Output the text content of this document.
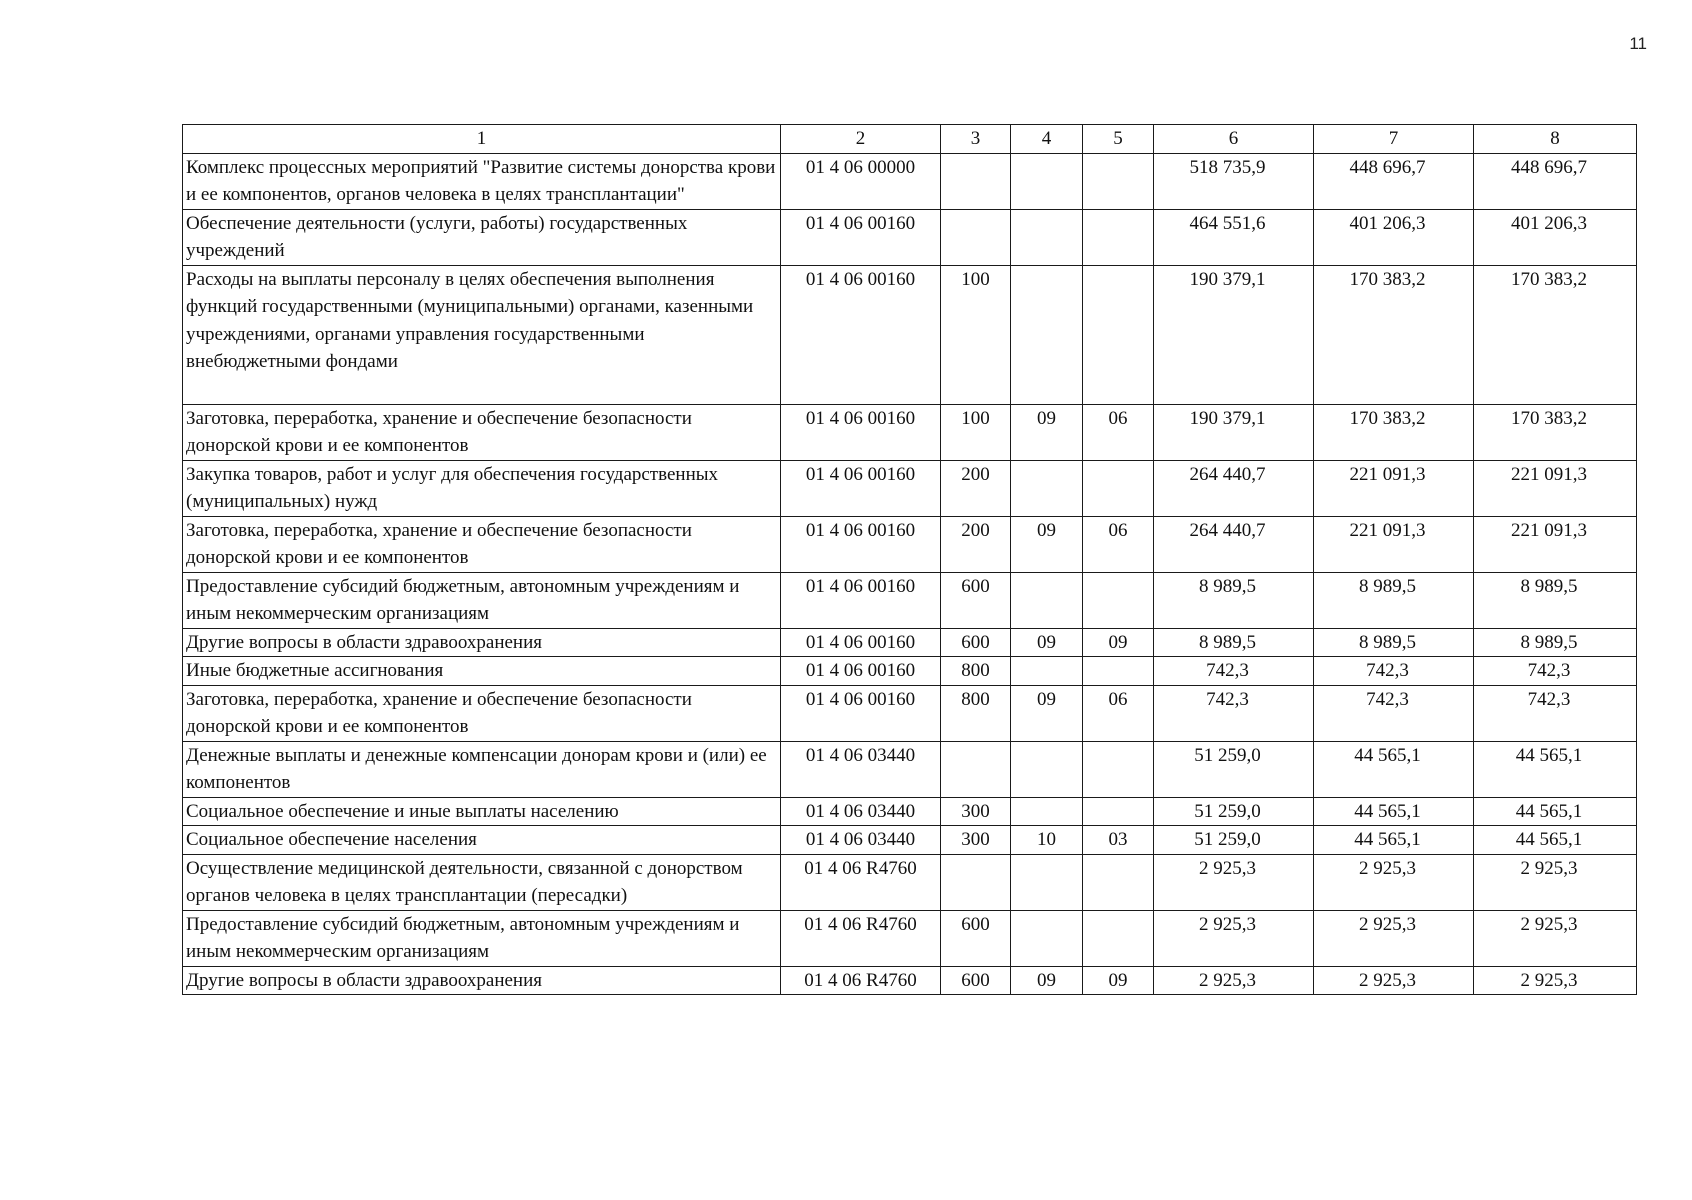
11
1	2	3	4	5	6	7	8
Комплекс процессных мероприятий "Развитие системы донорства крови и ее компонентов, органов человека в целях трансплантации"	01 4 06 00000				518 735,9	448 696,7	448 696,7
Обеспечение деятельности (услуги, работы) государственных учреждений	01 4 06 00160				464 551,6	401 206,3	401 206,3
Расходы на выплаты персоналу в целях обеспечения выполнения функций государственными (муниципальными) органами, казенными учреждениями, органами управления государственными внебюджетными фондами	01 4 06 00160	100			190 379,1	170 383,2	170 383,2
Заготовка, переработка, хранение и обеспечение безопасности донорской крови и ее компонентов	01 4 06 00160	100	09	06	190 379,1	170 383,2	170 383,2
Закупка товаров, работ и услуг для обеспечения государственных (муниципальных) нужд	01 4 06 00160	200			264 440,7	221 091,3	221 091,3
Заготовка, переработка, хранение и обеспечение безопасности донорской крови и ее компонентов	01 4 06 00160	200	09	06	264 440,7	221 091,3	221 091,3
Предоставление субсидий бюджетным, автономным учреждениям и иным некоммерческим организациям	01 4 06 00160	600			8 989,5	8 989,5	8 989,5
Другие вопросы в области здравоохранения	01 4 06 00160	600	09	09	8 989,5	8 989,5	8 989,5
Иные бюджетные ассигнования	01 4 06 00160	800			742,3	742,3	742,3
Заготовка, переработка, хранение и обеспечение безопасности донорской крови и ее компонентов	01 4 06 00160	800	09	06	742,3	742,3	742,3
Денежные выплаты и денежные компенсации донорам крови и (или) ее компонентов	01 4 06 03440				51 259,0	44 565,1	44 565,1
Социальное обеспечение и иные выплаты населению	01 4 06 03440	300			51 259,0	44 565,1	44 565,1
Социальное обеспечение населения	01 4 06 03440	300	10	03	51 259,0	44 565,1	44 565,1
Осуществление медицинской деятельности, связанной с донорством органов человека в целях трансплантации (пересадки)	01 4 06 R4760				2 925,3	2 925,3	2 925,3
Предоставление субсидий бюджетным, автономным учреждениям и иным некоммерческим организациям	01 4 06 R4760	600			2 925,3	2 925,3	2 925,3
Другие вопросы в области здравоохранения	01 4 06 R4760	600	09	09	2 925,3	2 925,3	2 925,3
